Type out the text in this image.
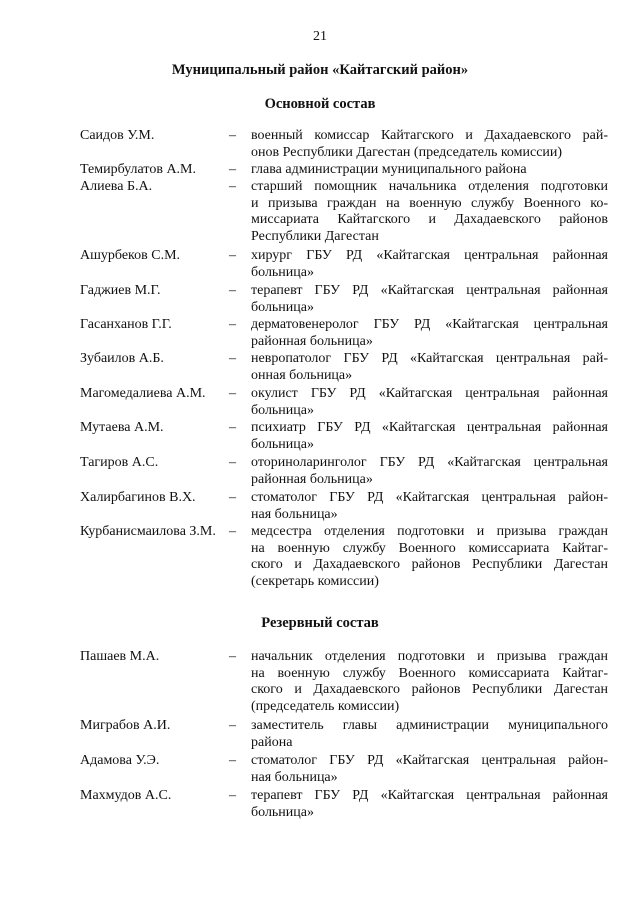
21
Муниципальный район «Кайтагский район»
Основной состав
Саидов У.М.	–	военный комиссар Кайтагского и Дахадаевского рай-
онов Республики Дагестан (председатель комиссии)
Темирбулатов А.М.	–	глава администрации муниципального района
Алиева Б.А.	–	старший помощник начальника отделения подготовки
и призыва граждан на военную службу Военного ко-
миссариата Кайтагского и Дахадаевского районов
Республики Дагестан
Ашурбеков С.М.	–	хирург ГБУ РД «Кайтагская центральная районная
больница»
Гаджиев М.Г.	–	терапевт ГБУ РД «Кайтагская центральная районная
больница»
Гасанханов Г.Г.	–	дерматовенеролог ГБУ РД «Кайтагская центральная
районная больница»
Зубаилов А.Б.	–	невропатолог ГБУ РД «Кайтагская центральная рай-
онная больница»
Магомедалиева А.М.	–	окулист ГБУ РД «Кайтагская центральная районная
больница»
Мутаева А.М.	–	психиатр ГБУ РД «Кайтагская центральная районная
больница»
Тагиров А.С.	–	оториноларинголог ГБУ РД «Кайтагская центральная
районная больница»
Халирбагинов В.Х.	–	стоматолог ГБУ РД «Кайтагская центральная район-
ная больница»
Курбанисмаилова З.М. –	медсестра отделения подготовки и призыва граждан
на военную службу Военного комиссариата Кайтаг-
ского и Дахадаевского районов Республики Дагестан
(секретарь комиссии)
Резервный состав
Пашаев М.А.	–	начальник отделения подготовки и призыва граждан
на военную службу Военного комиссариата Кайтаг-
ского и Дахадаевского районов Республики Дагестан
(председатель комиссии)
Миграбов А.И.	–	заместитель главы администрации муниципального
района
Адамова У.Э.	–	стоматолог ГБУ РД «Кайтагская центральная район-
ная больница»
Махмудов А.С.	–	терапевт ГБУ РД «Кайтагская центральная районная
больница»
